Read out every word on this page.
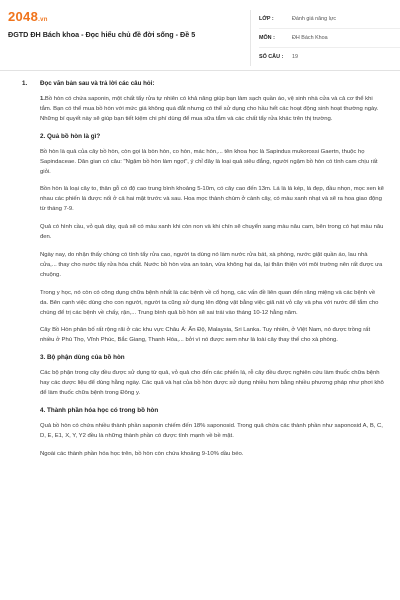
2048.vn
ĐGTD ĐH Bách khoa - Đọc hiểu chủ đề đời sống - Đề 5
LỚP :	Đánh giá năng lực
MÔN :	ĐH Bách Khoa
SỐ CÂU :	19
1.	Đọc văn bản sau và trả lời các câu hỏi:

1.Bồ hòn có chứa saponin, một chất tẩy rửa tự nhiên có khả năng giúp bạn làm sạch quần áo, vệ sinh nhà cửa và cả cơ thể khi tắm. Bạn có thể mua bồ hòn với mức giá không quá đắt nhưng có thể sử dụng cho hầu hết các hoạt động sinh hoạt thường ngày. Những bí quyết này sẽ giúp bạn tiết kiệm chi phí dùng để mua sữa tắm và các chất tẩy rửa khác trên thị trường.

2. Quả bồ hòn là gì?

Bồ hòn là quả của cây bồ hòn, còn gọi là bòn hòn, co hòn, mác hòn,... tên khoa học là Sapindus mukorossi Gaertn, thuộc họ Sapindaceae. Dân gian có câu: "Ngậm bồ hòn làm ngọt", ý chỉ đây là loại quả siêu đắng, người ngậm bồ hòn có tính cam chịu rất giỏi.

Bồn hòn là loại cây to, thân gỗ có độ cao trung bình khoảng 5-10m, có cây cao đến 13m. Lá là lá kép, lá đẹp, đầu nhọn, mọc xen kẽ nhau các phiến lá được nối ở cả hai mặt trước và sau. Hoa mọc thành chùm ở cành cây, có màu xanh nhạt và sẽ ra hoa giao động từ tháng 7-9.

Quả có hình cầu, vỏ quả dày, quả sẽ có màu xanh khi còn non và khi chín sẽ chuyển sang màu nâu cam, bên trong có hạt màu nâu đen.

Ngày nay, do nhận thấy chúng có tính tẩy rửa cao, người ta dùng nó làm nước rửa bát, xà phòng, nước giặt quần áo, lau nhà cửa,... thay cho nước tẩy rửa hóa chất. Nước bồ hòn vừa an toàn, vừa không hại da, lại thân thiện với môi trường nên rất được ưa chuộng.

Trong y học, nó còn có công dụng chữa bệnh nhất là các bệnh về cổ họng, các vấn đề liên quan đến răng miệng và các bệnh về da. Bên cạnh việc dùng cho con người, người ta cũng sử dụng lên động vật bằng việc giã nát vỏ cây và pha với nước để tắm cho chúng để trị các bệnh về chấy, rận,... Trung bình quả bồ hòn sẽ sai trái vào tháng 10-12 hằng năm.

Cây Bồ Hòn phân bố rất rộng rãi ở các khu vực Châu Á: Ấn Độ, Malaysia, Sri Lanka. Tuy nhiên, ở Việt Nam, nó được trồng rất nhiều ở Phú Thọ, Vĩnh Phúc, Bắc Giang, Thanh Hóa,... bởi vì nó được xem như là loài cây thay thế cho xà phòng.

3. Bộ phận dùng của bồ hòn

Các bộ phận trong cây đều được sử dụng từ quả, vỏ quả cho đến các phiến lá, rễ cây đều được nghiên cứu làm thuốc chữa bệnh hay các dược liệu để dùng hằng ngày. Các quả và hạt của bồ hòn được sử dụng nhiều hơn bằng nhiều phương pháp như phơi khô để làm thuốc chữa bệnh trong Đông y.

4. Thành phần hóa học có trong bồ hòn

Quả bồ hòn có chứa nhiều thành phần saponin chiếm đến 18% saponosid. Trong quả chứa các thành phần như saponosid A, B, C, D, E, E1, X, Y, Y2 đều là những thành phần có được tính mạnh về bề mặt.

Ngoài các thành phần hóa học trên, bồ hòn còn chứa khoảng 9-10% dầu béo.
